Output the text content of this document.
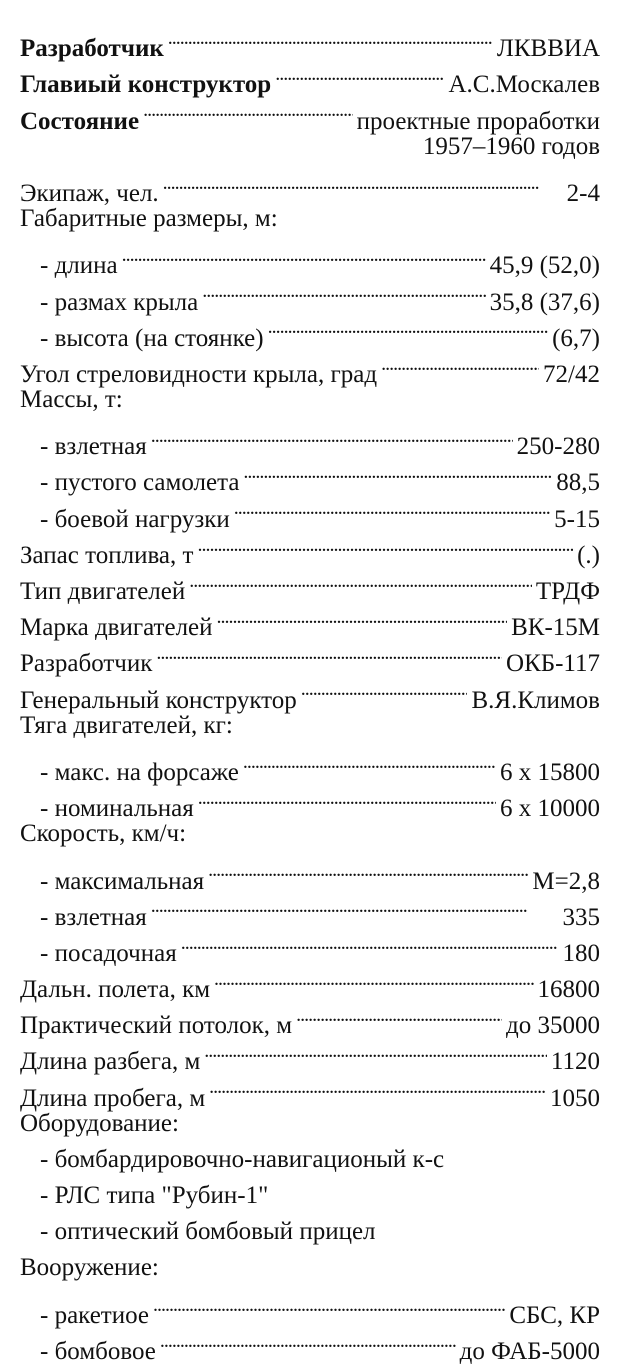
Разработчик . . .	ЛКВВИА
Главиый конструктор . . .	А.С.Москалев
Состояние . . .	проектные проработки
1957–1960 годов
Экипаж, чел. . . .	2-4
Габаритные размеры, м:
- длина . . .	45,9 (52,0)
- размах крыла . . .	35,8 (37,6)
- высота (на стоянке) . . .	(6,7)
Угол стреловидности крыла, град . . .	72/42
Массы, т:
- взлетная . . .	250-280
- пустого самолета . . .	88,5
- боевой нагрузки . . .	5-15
Запас топлива, т . . .	(.)
Тип двигателей . . .	ТРДФ
Марка двигателей . . .	ВК-15М
Разработчик . . .	ОКБ-117
Генеральный конструктор . . .	В.Я.Климов
Тяга двигателей, кг:
- макс. на форсаже . . .	6 х 15800
- номинальная . . .	6 х 10000
Скорость, км/ч:
- максимальная . . .	М=2,8
- взлетная . . .	335
- посадочная . . .	180
Дальн. полета, км . . .	16800
Практический потолок, м . . .	до 35000
Длина разбега, м . . .	1120
Длина пробега, м . . .	1050
Оборудование:
- бомбардировочно-навигационый к-с
- РЛС типа "Рубин-1"
- оптический бомбовый прицел
Вооружение:
- ракетиое . . .	СБС, КР
- бомбовое . . .	до ФАБ-5000
